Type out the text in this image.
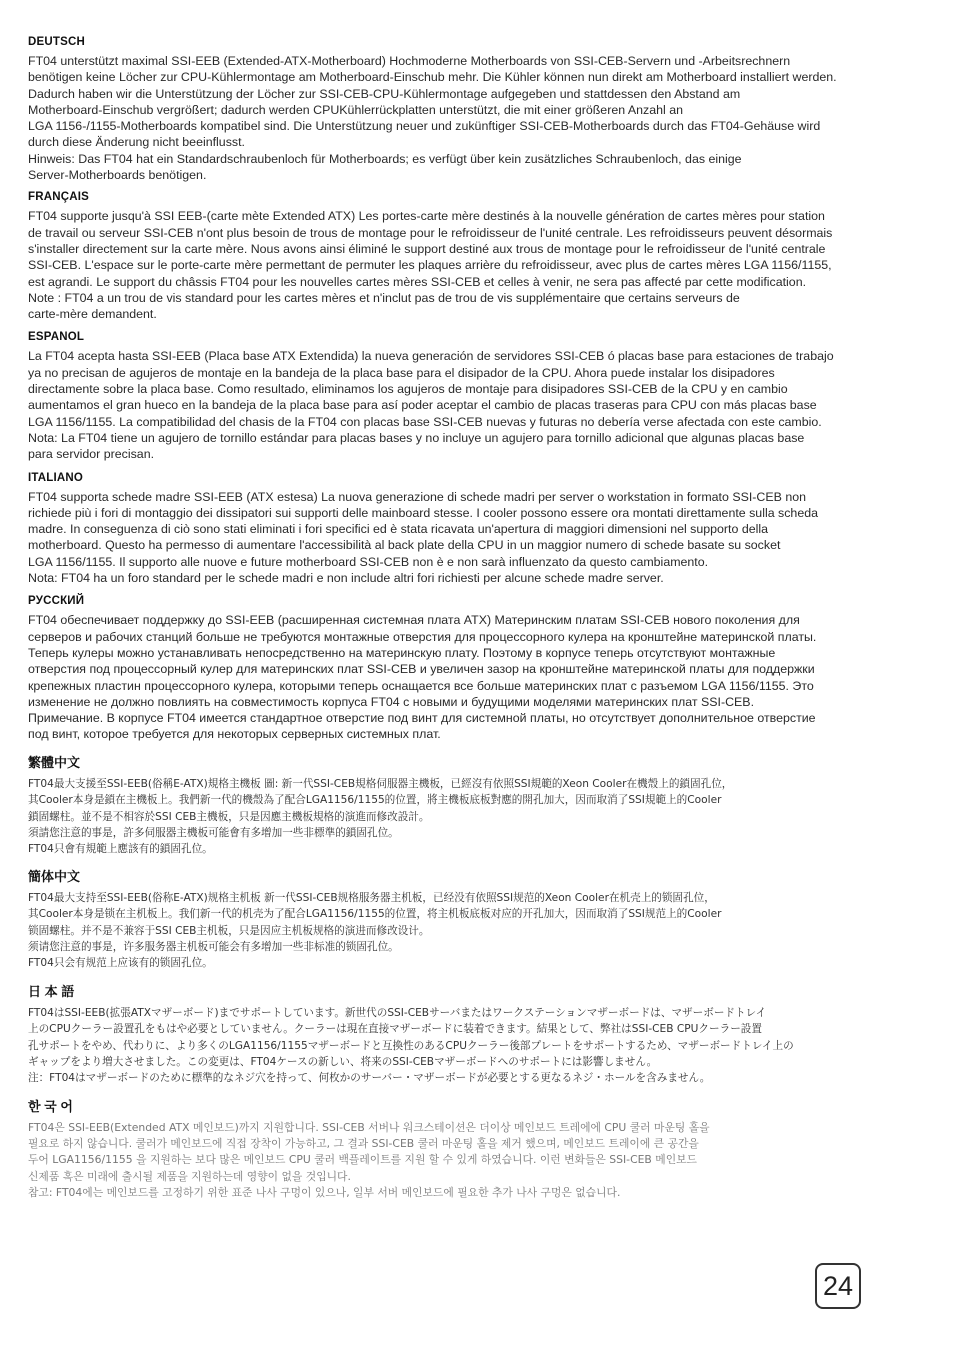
DEUTSCH
FT04 unterstützt maximal SSI-EEB (Extended-ATX-Motherboard) Hochmoderne Motherboards von SSI-CEB-Servern und -Arbeitsrechnern
benötigen keine Löcher zur CPU-Kühlermontage am Motherboard-Einschub mehr. Die Kühler können nun direkt am Motherboard installiert werden.
Dadurch haben wir die Unterstützung der Löcher zur SSI-CEB-CPU-Kühlermontage aufgegeben und stattdessen den Abstand am
Motherboard-Einschub vergrößert; dadurch werden CPUKühlerrückplatten unterstützt, die mit einer größeren Anzahl an
LGA 1156-/1155-Motherboards kompatibel sind. Die Unterstützung neuer und zukünftiger SSI-CEB-Motherboards durch das FT04-Gehäuse wird
durch diese Änderung nicht beeinflusst.
Hinweis: Das FT04 hat ein Standardschraubenloch für Motherboards; es verfügt über kein zusätzliches Schraubenloch, das einige
Server-Motherboards benötigen.
FRANÇAIS
FT04 supporte jusqu'à SSI EEB-(carte mète Extended ATX) Les portes-carte mère destinés à la nouvelle génération de cartes mères pour station
de travail ou serveur SSI-CEB n'ont plus besoin de trous de montage pour le refroidisseur de l'unité centrale. Les refroidisseurs peuvent désormais
s'installer directement sur la carte mère. Nous avons ainsi éliminé le support destiné aux trous de montage pour le refroidisseur de l'unité centrale
SSI-CEB. L'espace sur le porte-carte mère permettant de permuter les plaques arrière du refroidisseur, avec plus de cartes mères LGA 1156/1155,
est agrandi. Le support du châssis FT04 pour les nouvelles cartes mères SSI-CEB et celles à venir, ne sera pas affecté par cette modification.
Note : FT04 a un trou de vis standard pour les cartes mères et n'inclut pas de trou de vis supplémentaire que certains serveurs de
carte-mère demandent.
ESPANOL
La FT04 acepta hasta SSI-EEB (Placa base ATX Extendida) la nueva generación de servidores SSI-CEB ó placas base para estaciones de trabajo
ya no precisan de agujeros de montaje en la bandeja de la placa base para el disipador de la CPU. Ahora puede instalar los disipadores
directamente sobre la placa base. Como resultado, eliminamos los agujeros de montaje para disipadores SSI-CEB de la CPU y en cambio
aumentamos el gran hueco en la bandeja de la placa base para así poder aceptar el cambio de placas traseras para CPU con más placas base
LGA 1156/1155. La compatibilidad del chasis de la FT04 con placas base SSI-CEB nuevas y futuras no debería verse afectada con este cambio.
Nota: La FT04 tiene un agujero de tornillo estándar para placas bases y no incluye un agujero para tornillo adicional que algunas placas base
para servidor precisan.
ITALIANO
FT04 supporta schede madre SSI-EEB (ATX estesa) La nuova generazione di schede madri per server o workstation in formato SSI-CEB non
richiede più i fori di montaggio dei dissipatori sui supporti delle mainboard stesse. I cooler possono essere ora montati direttamente sulla scheda
madre. In conseguenza di ciò sono stati eliminati i fori specifici ed è stata ricavata un'apertura di maggiori dimensioni nel supporto della
motherboard. Questo ha permesso di aumentare l'accessibilità al back plate della CPU in un maggior numero di schede basate su socket
LGA 1156/1155. Il supporto alle nuove e future motherboard SSI-CEB non è e non sarà influenzato da questo cambiamento.
Nota: FT04 ha un foro standard per le schede madri e non include altri fori richiesti per alcune schede madre server.
РУССКИЙ
FT04 обеспечивает поддержку до SSI-EEB (расширенная системная плата ATX) Материнским платам SSI-CEB нового поколения для
серверов и рабочих станций больше не требуются монтажные отверстия для процессорного кулера на кронштейне материнской платы.
Теперь кулеры можно устанавливать непосредственно на материнскую плату. Поэтому в корпусе теперь отсутствуют монтажные
отверстия под процессорный кулер для материнских плат SSI-CEB и увеличен зазор на кронштейне материнской платы для поддержки
крепежных пластин процессорного кулера, которыми теперь оснащается все больше материнских плат с разъемом LGA 1156/1155. Это
изменение не должно повлиять на совместимость корпуса FT04 с новыми и будущими моделями материнских плат SSI-CEB.
Примечание. В корпусе FT04 имеется стандартное отверстие под винт для системной платы, но отсутствует дополнительное отверстие
под винт, которое требуется для некоторых серверных системных плат.
繁體中文
FT04最大支援至SSI-EEB(俗稱E-ATX)規格主機板 圖: 新一代SSI-CEB規格伺服器主機板，已經沒有依照SSI規範的Xeon Cooler在機殼上的鎖固孔位，
其Cooler本身是鎖在主機板上。我們新一代的機殼為了配合LGA1156/1155的位置，將主機板底板對應的開孔加大，因而取消了SSI規範上的Cooler
鎖固螺柱。並不是不相容於SSI CEB主機板，只是因應主機板規格的演進而修改設計。
須請您注意的事是，許多伺服器主機板可能會有多增加一些非標準的鎖固孔位。
FT04只會有規範上應該有的鎖固孔位。
簡体中文
FT04最大支持至SSI-EEB(俗称E-ATX)规格主机板 新一代SSI-CEB规格服务器主机板，已经没有依照SSI规范的Xeon Cooler在机壳上的锁固孔位，
其Cooler本身是锁在主机板上。我们新一代的机壳为了配合LGA1156/1155的位置，将主机板底板对应的开孔加大，因而取消了SSI规范上的Cooler
锁固螺柱。并不是不兼容于SSI CEB主机板，只是因应主机板规格的演进而修改设计。
须请您注意的事是，许多服务器主机板可能会有多增加一些非标准的锁固孔位。
FT04只会有规范上应该有的锁固孔位。
日 本 語
FT04はSSI-EEB(拡張ATXマザーボード)までサポートしています。新世代のSSI-CEBサーバまたはワークステーションマザーボードは、マザーボードトレイ
上のCPUクーラー設置孔をもはや必要としていません。クーラーは現在直接マザーボードに装着できます。結果として、弊社はSSI-CEB CPUクーラー設置
孔サポートをやめ、代わりに、より多くのLGA1156/1155マザーボードと互換性のあるCPUクーラー後部プレートをサポートするため、マザーボードトレイ上の
ギャップをより増大させました。この変更は、FT04ケースの新しい、将来のSSI-CEBマザーボードへのサポートには影響しません。
注：FT04はマザーボードのために標準的なネジ穴を持って、何枚かのサーバー・マザーボードが必要とする更なるネジ・ホールを含みません。
한 국 어
FT04은 SSI-EEB(Extended ATX 메인보드)까지 지원합니다. SSI-CEB 서버나 워크스테이션은 더이상 메인보드 트레에에 CPU 쿨러 마운팅 홀을
필요로 하지 않습니다. 쿨러가 메인보드에 직접 장착이 가능하고, 그 결과 SSI-CEB 쿨러 마운팅 홀을 제거 했으며, 메인보드 트레이에 큰 공간을
두어 LGA1156/1155 을 지원하는 보다 많은 메인보드 CPU 쿨러 백플레이트를 지원 할 수 있게 하였습니다. 이런 변화들은 SSI-CEB 메인보드
신제품 혹은 미래에 출시될 제품을 지원하는데 영향이 없을 것입니다.
참고: FT04에는 메인보드를 고정하기 위한 표준 나사 구멍이 있으나, 일부 서버 메인보드에 필요한 추가 나사 구멍은 없습니다.
24
